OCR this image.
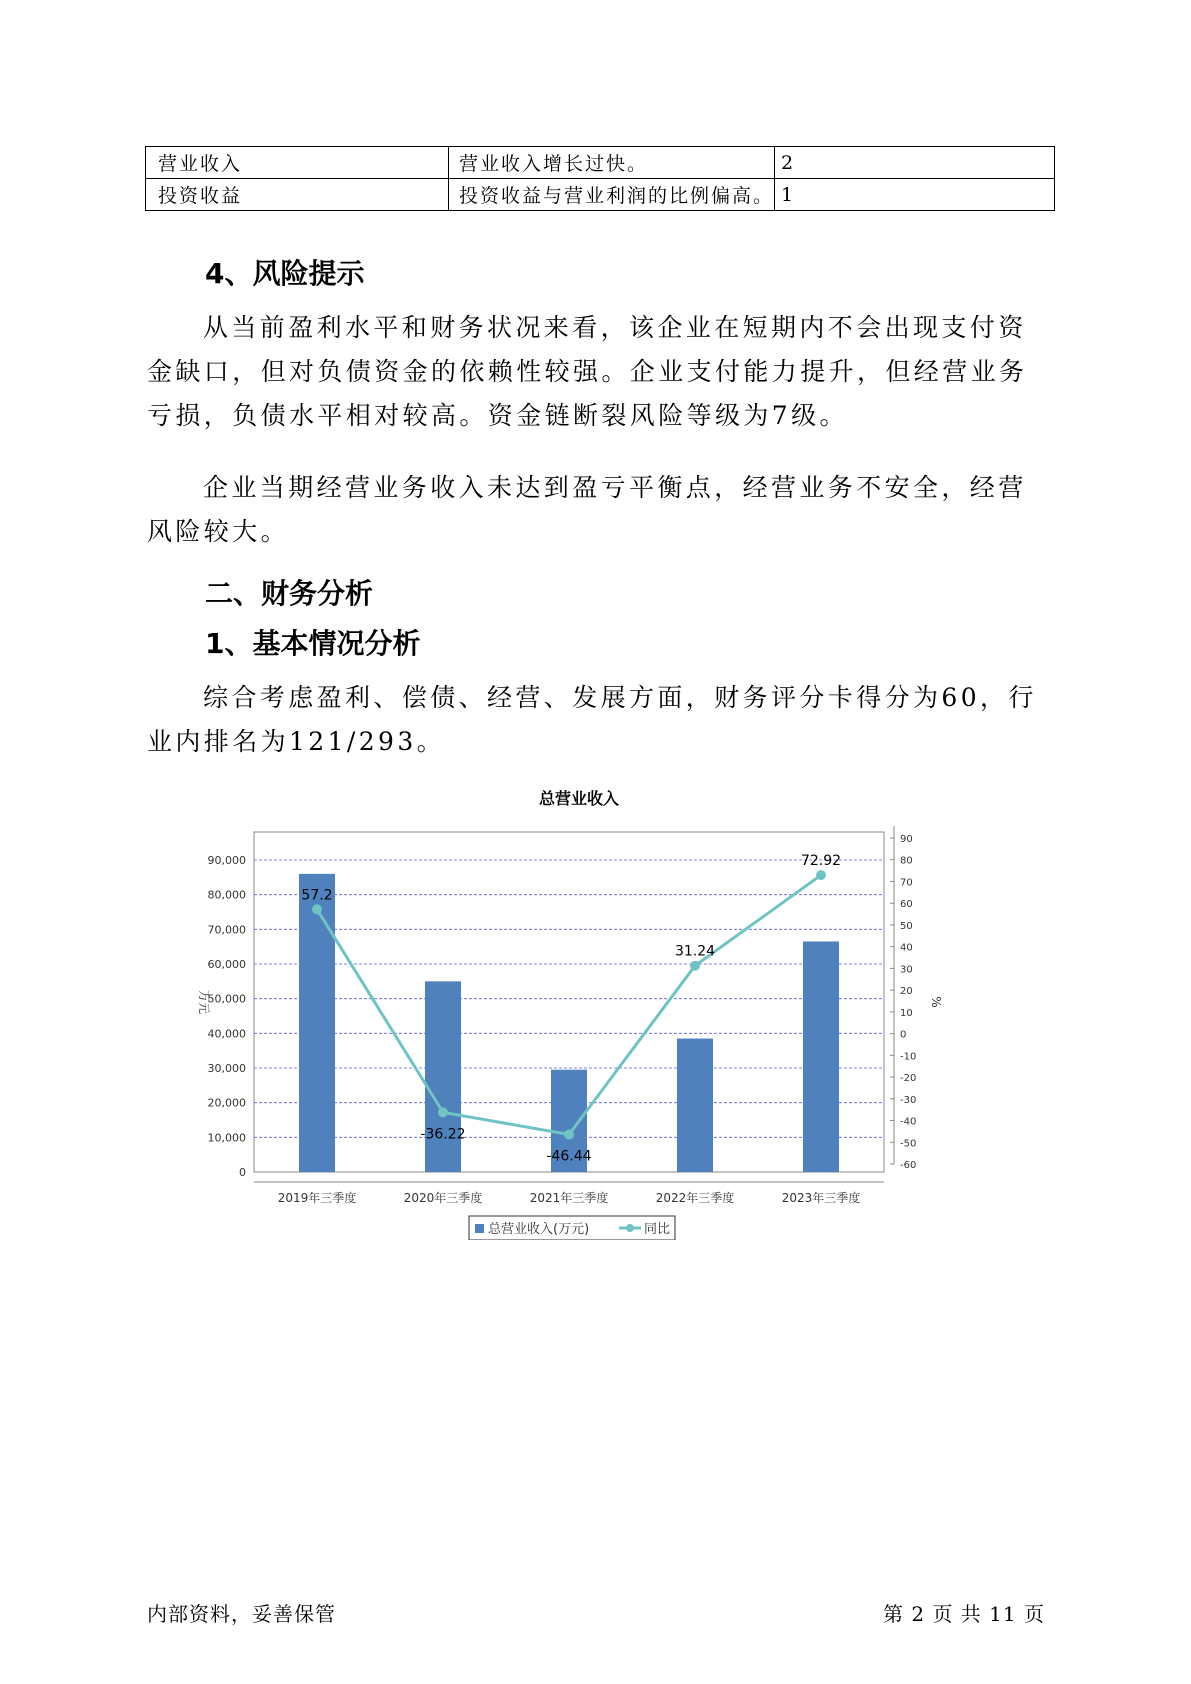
营业收入	营业收入增长过快。	2
投资收益	投资收益与营业利润的比例偏高。	1
4、风险提示

从当前盈利水平和财务状况来看，该企业在短期内不会出现支付资金缺口，但对负债资金的依赖性较强。企业支付能力提升，但经营业务亏损，负债水平相对较高。资金链断裂风险等级为7级。

企业当期经营业务收入未达到盈亏平衡点，经营业务不安全，经营风险较大。

二、财务分析
1、基本情况分析

综合考虑盈利、偿债、经营、发展方面，财务评分卡得分为60，行业内排名为121/293。

总营业收入
0
10,000
20,000
30,000
40,000
50,000
60,000
70,000
80,000
90,000
万元
90
80
70
60
50
40
30
20
10
0
-10
-20
-30
-40
-50
-60
%
2019年三季度	2020年三季度	2021年三季度	2022年三季度	2023年三季度
57.2
-36.22
-46.44
31.24
72.92
总营业收入(万元)	同比
内部资料，妥善保管	第 2 页 共 11 页
